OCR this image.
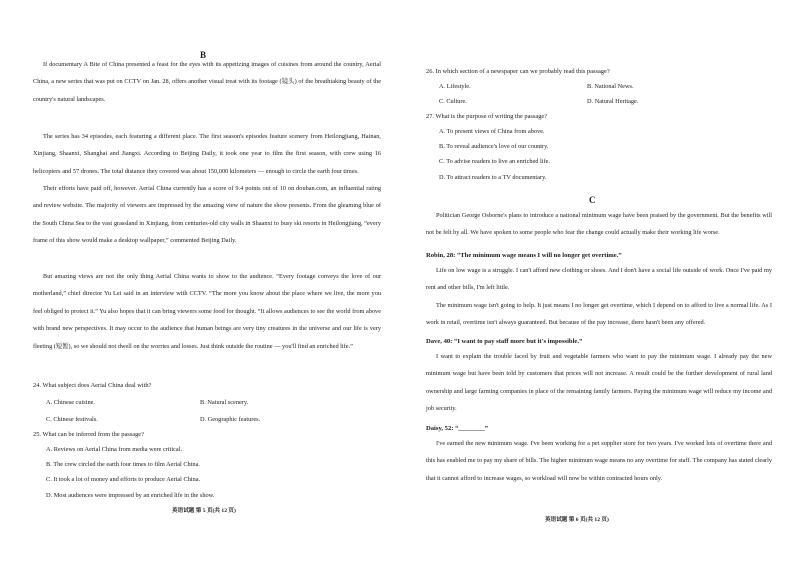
B

If documentary A Bite of China presented a feast for the eyes with its appetizing images of cuisines from around the country, Aerial China, a new series that was put on CCTV on Jan. 28, offers another visual treat with its footage (镜头) of the breathtaking beauty of the country's natural landscapes.

The series has 34 episodes, each featuring a different place. The first season's episodes feature scenery from Heilongjiang, Hainan, Xinjiang, Shaanxi, Shanghai and Jiangxi. According to Beijing Daily, it took one year to film the first season, with crew using 16 helicopters and 57 drones. The total distance they covered was about 150,000 kilometers — enough to circle the earth four times.

Their efforts have paid off, however. Aerial China currently has a score of 9.4 points out of 10 on douban.com, an influential rating and review website. The majority of viewers are impressed by the amazing view of nature the show presents. From the gleaming blue of the South China Sea to the vast grassland in Xinjiang, from centuries-old city walls in Shaanxi to busy ski resorts in Heilongjiang, “every frame of this show would make a desktop wallpaper,” commented Beijing Daily.

But amazing views are not the only thing Aerial China wants to show to the audience. “Every footage conveys the love of our motherland,” chief director Yu Lei said in an interview with CCTV. “The more you know about the place where we live, the more you feel obliged to protect it.” Yu also hopes that it can bring viewers some food for thought. “It allows audiences to see the world from above with brand new perspectives. It may occur to the audience that human beings are very tiny creatures in the universe and our life is very fleeting (短暂), so we should not dwell on the worries and losses. Just think outside the routine — you'll find an enriched life.”

24. What subject does Aerial China deal with?

A. Chinese cuisine.	B. Natural scenery.

C. Chinese festivals.	D. Geographic features.

25. What can be inferred from the passage?

A. Reviews on Aerial China from media were critical.

B. The crew circled the earth four times to film Aerial China.

C. It took a lot of money and efforts to produce Aerial China.

D. Most audiences were impressed by an enriched life in the show.

英语试题 第 5 页(共 12 页)

26. In which section of a newspaper can we probably read this passage?

A. Lifestyle.	B. National News.

C. Culture.	D. Natural Heritage.

27. What is the purpose of writing the passage?

A. To present views of China from above.

B. To reveal audience's love of our country.

C. To advise readers to live an enriched life.

D. To attract readers to a TV documentary.

C

Politician George Osborne's plans to introduce a national minimum wage have been praised by the government. But the benefits will not be felt by all. We have spoken to some people who fear the change could actually make their working life worse.

Robin, 28: “The minimum wage means I will no longer get overtime.”

Life on low wage is a struggle. I can't afford new clothing or shoes. And I don't have a social life outside of work. Once I've paid my rent and other bills, I'm left little.

The minimum wage isn't going to help. It just means I no longer get overtime, which I depend on to afford to live a normal life. As I work in retail, overtime isn't always guaranteed. But because of the pay increase, there hasn't been any offered.

Dave, 40: “I want to pay staff more but it's impossible.”

I want to explain the trouble faced by fruit and vegetable farmers who want to pay the minimum wage. I already pay the new minimum wage but have been told by customers that prices will not increase. A result could be the further development of rural land ownership and large farming companies in place of the remaining family farmers. Paying the minimum wage will reduce my income and job security.

Daisy, 52: “________”

I've earned the new minimum wage. I've been working for a pet supplier store for two years. I've worked lots of overtime there and this has enabled me to pay my share of bills. The higher minimum wage means no any overtime for staff. The company has stated clearly that it cannot afford to increase wages, so workload will now be within contracted hours only.

英语试题 第 6 页(共 12 页)
